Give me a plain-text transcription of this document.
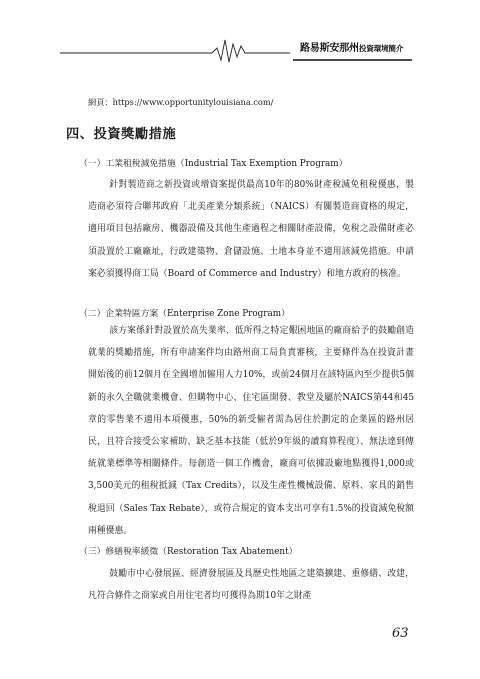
路易斯安那州投資環境簡介
網頁：https://www.opportunitylouisiana.com/
四、投資獎勵措施
（一）工業租稅減免措施（Industrial Tax Exemption Program）

針對製造商之新投資或增資案提供最高10年的80%財產稅減免租稅優惠，製造商必須符合聯邦政府「北美產業分類系統」（NAICS）有關製造商資格的規定，適用項目包括廠房、機器設備及其他生產過程之相關財產設備，免稅之設備財產必須設置於工廠廠址，行政建築物、倉儲設施、土地本身並不適用該減免措施。申請案必須獲得商工局（Board of Commerce and Industry）和地方政府的核准。

（二）企業特區方案（Enterprise Zone Program）

該方案係針對設置於高失業率、低所得之特定艱困地區的廠商給予的鼓勵創造就業的獎勵措施，所有申請案件均由路州商工局負責審核，主要條件為在投資計畫開始後的前12個月在全國增加僱用人力10%，或前24個月在該特區內至少提供5個新的永久全職就業機會、但購物中心、住宅區開發、教堂及屬於NAICS第44和45章的零售業不適用本項優惠，50%的新受僱者需為居住於劃定的企業區的路州居民，且符合接受公家補助、缺乏基本技能（低於9年級的讀寫算程度）、無法達到傳統就業標準等相關條件。每創造一個工作機會，廠商可依據設廠地點獲得1,000或3,500美元的租稅抵減（Tax Credits），以及生產性機械設備、原料、家具的銷售稅退回（Sales Tax Rebate），或符合規定的資本支出可享有1.5%的投資減免稅額兩種優惠。

（三）修繕稅率緩徵（Restoration Tax Abatement）

鼓勵市中心發展區、經濟發展區及具歷史性地區之建築擴建、重修繕、改建，凡符合條件之商家或自用住宅者均可獲得為期10年之財產

63
